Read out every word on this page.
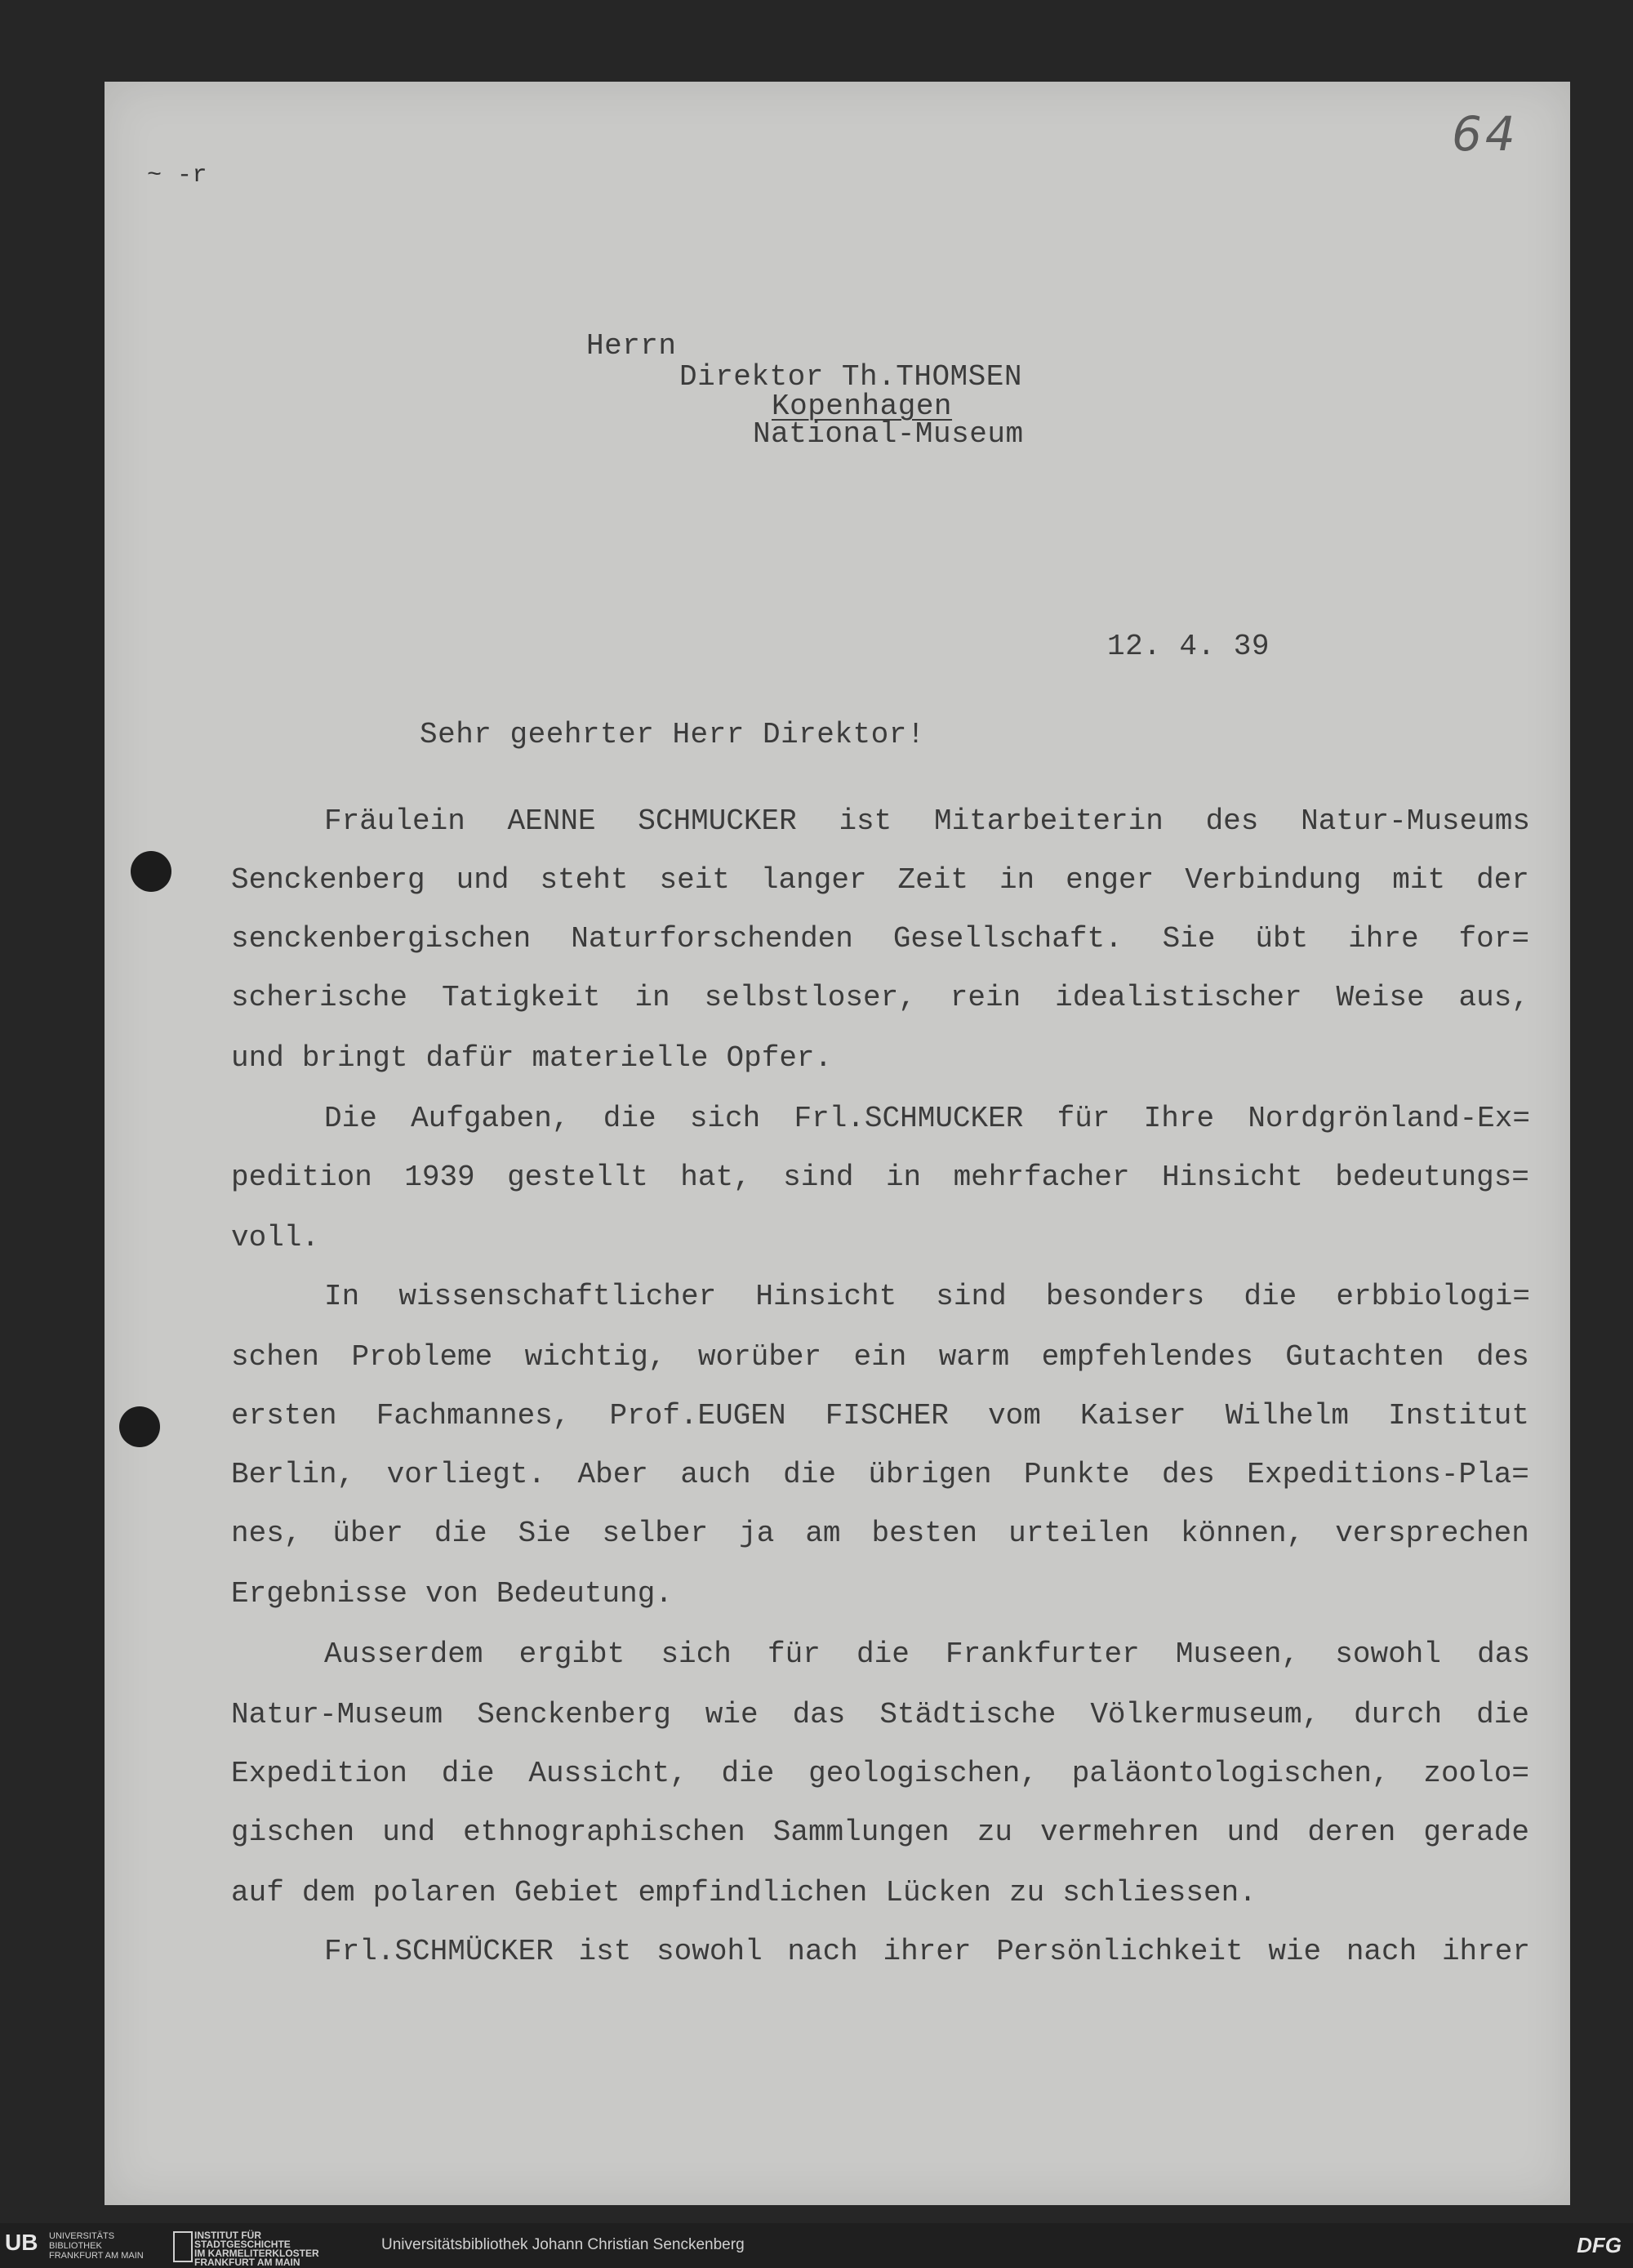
64
~ -r
Herrn
Direktor Th.THOMSEN
Kopenhagen
National-Museum
12. 4. 39
Sehr geehrter Herr Direktor!
Fräulein AENNE SCHMUCKER ist Mitarbeiterin des Natur-Museums
Senckenberg und steht seit langer Zeit in enger Verbindung mit der
senckenbergischen Naturforschenden Gesellschaft. Sie übt ihre for=
scherische Tatigkeit in selbstloser, rein idealistischer Weise aus,
und bringt dafür materielle Opfer.
Die Aufgaben, die sich Frl.SCHMUCKER für Ihre Nordgrönland-Ex=
pedition 1939 gestellt hat, sind in mehrfacher Hinsicht bedeutungs=
voll.
In wissenschaftlicher Hinsicht sind besonders die erbbiologi=
schen Probleme wichtig, worüber ein warm empfehlendes Gutachten des
ersten Fachmannes, Prof.EUGEN FISCHER vom Kaiser Wilhelm Institut
Berlin, vorliegt. Aber auch die übrigen Punkte des Expeditions-Pla=
nes, über die Sie selber ja am besten urteilen können, versprechen
Ergebnisse von Bedeutung.
Ausserdem ergibt sich für die Frankfurter Museen, sowohl das
Natur-Museum Senckenberg wie das Städtische Völkermuseum, durch die
Expedition die Aussicht, die geologischen, paläontologischen, zoolo=
gischen und ethnographischen Sammlungen zu vermehren und deren gerade
auf dem polaren Gebiet empfindlichen Lücken zu schliessen.
Frl.SCHMÜCKER ist sowohl nach ihrer Persönlichkeit wie nach ihrer
UB UNIVERSITÄTS
BIBLIOTHEK
FRANKFURT AM MAIN
INSTITUT FÜR
STADTGESCHICHTE
IM KARMELITERKLOSTER
FRANKFURT AM MAIN
Universitätsbibliothek Johann Christian Senckenberg	DFG
